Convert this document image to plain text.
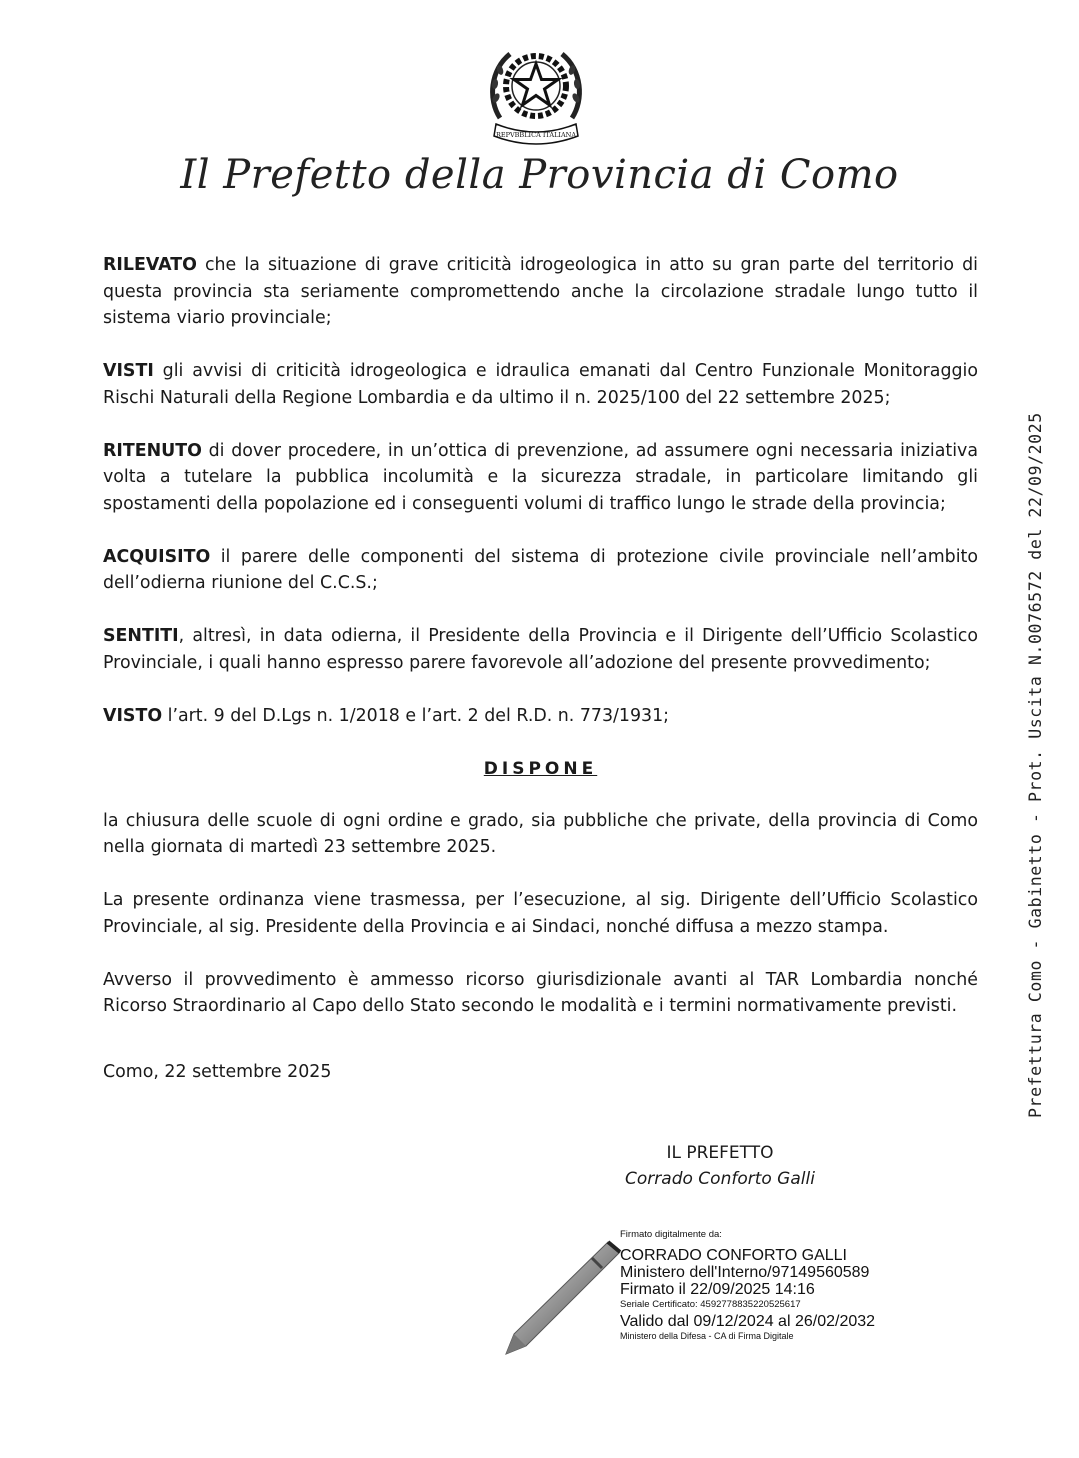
REPVBBLICA ITALIANA
Il Prefetto della Provincia di Como

RILEVATO che la situazione di grave criticità idrogeologica in atto su gran parte del territorio di questa provincia sta seriamente compromettendo anche la circolazione stradale lungo tutto il sistema viario provinciale;

VISTI gli avvisi di criticità idrogeologica e idraulica emanati dal Centro Funzionale Monitoraggio Rischi Naturali della Regione Lombardia e da ultimo il n. 2025/100 del 22 settembre 2025;

RITENUTO di dover procedere, in un’ottica di prevenzione, ad assumere ogni necessaria iniziativa volta a tutelare la pubblica incolumità e la sicurezza stradale, in particolare limitando gli spostamenti della popolazione ed i conseguenti volumi di traffico lungo le strade della provincia;

ACQUISITO il parere delle componenti del sistema di protezione civile provinciale nell’ambito dell’odierna riunione del C.C.S.;

SENTITI, altresì, in data odierna, il Presidente della Provincia e il Dirigente dell’Ufficio Scolastico Provinciale, i quali hanno espresso parere favorevole all’adozione del presente provvedimento;

VISTO l’art. 9 del D.Lgs n. 1/2018 e l’art. 2 del R.D. n. 773/1931;

DISPONE

la chiusura delle scuole di ogni ordine e grado, sia pubbliche che private, della provincia di Como nella giornata di martedì 23 settembre 2025.

La presente ordinanza viene trasmessa, per l’esecuzione, al sig. Dirigente dell’Ufficio Scolastico Provinciale, al sig. Presidente della Provincia e ai Sindaci, nonché diffusa a mezzo stampa.

Avverso il provvedimento è ammesso ricorso giurisdizionale avanti al TAR Lombardia nonché Ricorso Straordinario al Capo dello Stato secondo le modalità e i termini normativamente previsti.

Como, 22 settembre 2025
IL PREFETTO
Corrado Conforto Galli
Firmato digitalmente da:
CORRADO CONFORTO GALLI
Ministero dell'Interno/97149560589
Firmato il 22/09/2025 14:16
Seriale Certificato: 4592778835220525617
Valido dal 09/12/2024 al 26/02/2032
Ministero della Difesa - CA di Firma Digitale
Prefettura Como - Gabinetto - Prot. Uscita N.0076572 del 22/09/2025
